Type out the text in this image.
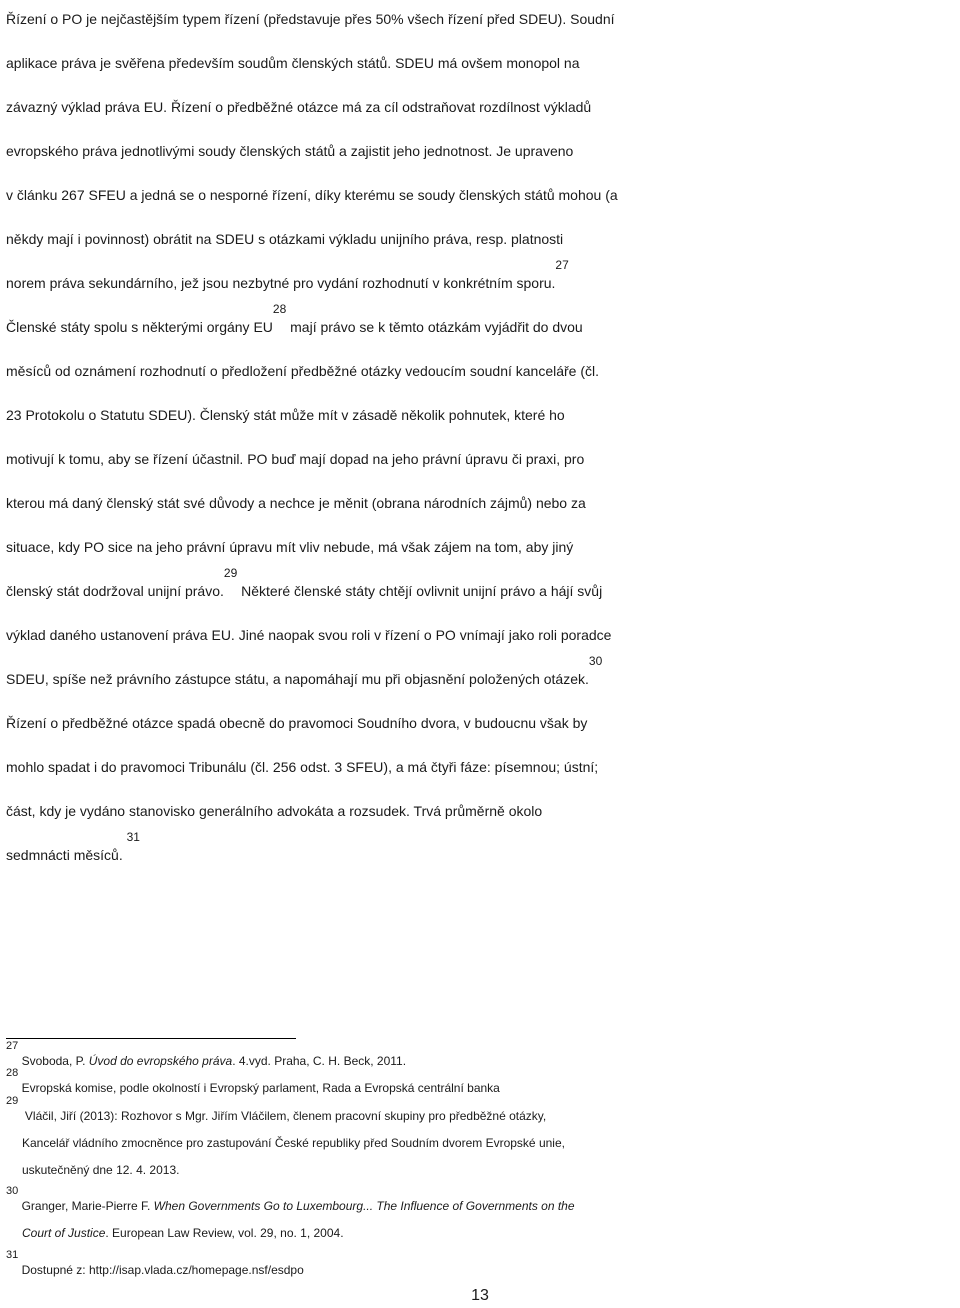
Řízení o PO je nejčastějším typem řízení (představuje přes 50% všech řízení před SDEU). Soudní
aplikace práva je svěřena především soudům členských států. SDEU má ovšem monopol na
závazný výklad práva EU. Řízení o předběžné otázce má za cíl odstraňovat rozdílnost výkladů
evropského práva jednotlivými soudy členských států a zajistit jeho jednotnost. Je upraveno
v článku 267 SFEU a jedná se o nesporné řízení, díky kterému se soudy členských států mohou (a
někdy mají i povinnost) obrátit na SDEU s otázkami výkladu unijního práva, resp. platnosti
norem práva sekundárního, jež jsou nezbytné pro vydání rozhodnutí v konkrétním sporu.$^{27}$
Členské státy spolu s některými orgány EU$^{28}$ mají právo se k těmto otázkám vyjádřit do dvou
měsíců od oznámení rozhodnutí o předložení předběžné otázky vedoucím soudní kanceláře (čl.
23 Protokolu o Statutu SDEU). Členský stát může mít v zásadě několik pohnutek, které ho
motivují k tomu, aby se řízení účastnil. PO buď mají dopad na jeho právní úpravu či praxi, pro
kterou má daný členský stát své důvody a nechce je měnit (obrana národních zájmů) nebo za
situace, kdy PO sice na jeho právní úpravu mít vliv nebude, má však zájem na tom, aby jiný
členský stát dodržoval unijní právo.$^{29}$ Některé členské státy chtějí ovlivnit unijní právo a hájí svůj
výklad daného ustanovení práva EU. Jiné naopak svou roli v řízení o PO vnímají jako roli poradce
SDEU, spíše než právního zástupce státu, a napomáhají mu při objasnění položených otázek.$^{30}$
Řízení o předběžné otázce spadá obecně do pravomoci Soudního dvora, v budoucnu však by
mohlo spadat i do pravomoci Tribunálu (čl. 256 odst. 3 SFEU), a má čtyři fáze: písemnou; ústní;
část, kdy je vydáno stanovisko generálního advokáta a rozsudek. Trvá průměrně okolo
sedmnácti měsíců. $^{31}$
$^{27}$ Svoboda, P. Úvod do evropského práva. 4.vyd. Praha, C. H. Beck, 2011.
$^{28}$ Evropská komise, podle okolností i Evropský parlament, Rada a Evropská centrální banka
$^{29}$  Vláčil, Jiří (2013): Rozhovor s Mgr. Jiřím Vláčilem, členem pracovní skupiny pro předběžné otázky,
Kancelář vládního zmocněnce pro zastupování České republiky před Soudním dvorem Evropské unie,
uskutečněný dne 12. 4. 2013.
$^{30}$ Granger, Marie-Pierre F. When Governments Go to Luxembourg... The Influence of Governments on the
Court of Justice. European Law Review, vol. 29, no. 1, 2004.
$^{31}$ Dostupné z: http://isap.vlada.cz/homepage.nsf/esdpo
13
